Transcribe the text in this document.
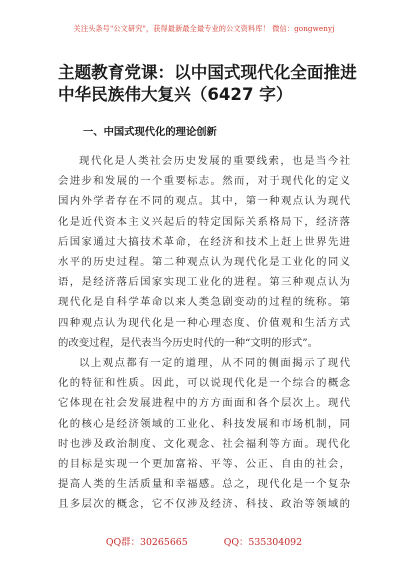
关注头条号"公文研究"，获得最新最全最专业的公文资料库！ 微信：gongwenyj
主题教育党课：以中国式现代化全面推进
中华民族伟大复兴（6427 字）
一、中国式现代化的理论创新
现代化是人类社会历史发展的重要线索，也是当今社
会进步和发展的一个重要标志。然而，对于现代化的定义
国内外学者存在不同的观点。其中，第一种观点认为现代
化是近代资本主义兴起后的特定国际关系格局下，经济落
后国家通过大搞技术革命，在经济和技术上赶上世界先进
水平的历史过程。第二种观点认为现代化是工业化的同义
语，是经济落后国家实现工业化的进程。第三种观点认为
现代化是自科学革命以来人类急剧变动的过程的统称。第
四种观点认为现代化是一种心理态度、价值观和生活方式
的改变过程，是代表当今历史时代的一种“文明的形式”。
以上观点都有一定的道理，从不同的侧面揭示了现代
化的特征和性质。因此，可以说现代化是一个综合的概念
它体现在社会发展进程中的方方面面和各个层次上。现代
化的核心是经济领域的工业化、科技发展和市场机制，同
时也涉及政治制度、文化观念、社会福利等方面。现代化
的目标是实现一个更加富裕、平等、公正、自由的社会，
提高人类的生活质量和幸福感。总之，现代化是一个复杂
且多层次的概念，它不仅涉及经济、科技、政治等领域的
QQ群：30265665	QQ：535304092
